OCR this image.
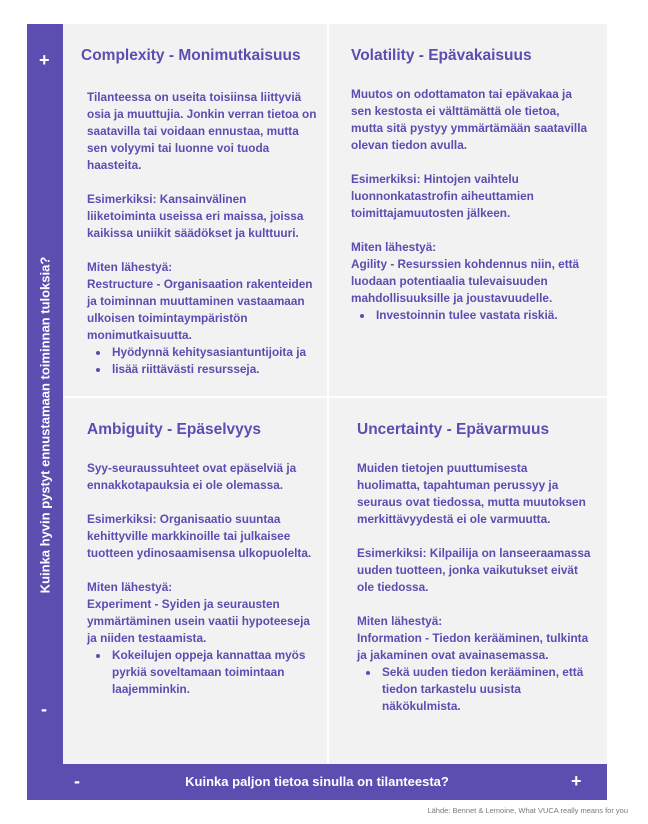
+
-
Kuinka hyvin pystyt ennustamaan toiminnan tuloksia?
-	Kuinka paljon tietoa sinulla on tilanteesta?	+
Complexity - Monimutkaisuus

Tilanteessa on useita toisiinsa liittyviä osia ja muuttujia. Jonkin verran tietoa on saatavilla tai voidaan ennustaa, mutta sen volyymi tai luonne voi tuoda haasteita.

Esimerkiksi: Kansainvälinen liiketoiminta useissa eri maissa, joissa kaikissa uniikit säädökset ja kulttuuri.

Miten lähestyä:
Restructure - Organisaation rakenteiden ja toiminnan muuttaminen vastaamaan ulkoisen toimintaympäristön monimutkaisuutta.

• Hyödynnä kehitysasiantuntijoita ja
• lisää riittävästi resursseja.
Volatility - Epävakaisuus

Muutos on odottamaton tai epävakaa ja sen kestosta ei välttämättä ole tietoa, mutta sitä pystyy ymmärtämään saatavilla olevan tiedon avulla.

Esimerkiksi: Hintojen vaihtelu luonnonkatastrofin aiheuttamien toimittajamuutosten jälkeen.

Miten lähestyä:
Agility - Resurssien kohdennus niin, että luodaan potentiaalia tulevaisuuden mahdollisuuksille ja joustavuudelle.

• Investoinnin tulee vastata riskiä.
Ambiguity - Epäselvyys

Syy-seuraussuhteet ovat epäselviä ja ennakkotapauksia ei ole olemassa.

Esimerkiksi: Organisaatio suuntaa kehittyville markkinoille tai julkaisee tuotteen ydinosaamisensa ulkopuolelta.

Miten lähestyä:
Experiment - Syiden ja seurausten ymmärtäminen usein vaatii hypoteeseja ja niiden testaamista.

• Kokeilujen oppeja kannattaa myös pyrkiä soveltamaan toimintaan laajemminkin.
Uncertainty - Epävarmuus

Muiden tietojen puuttumisesta huolimatta, tapahtuman perussyy ja seuraus ovat tiedossa, mutta muutoksen merkittävyydestä ei ole varmuutta.

Esimerkiksi: Kilpailija on lanseeraamassa uuden tuotteen, jonka vaikutukset eivät ole tiedossa.

Miten lähestyä:
Information - Tiedon kerääminen, tulkinta ja jakaminen ovat avainasemassa.

• Sekä uuden tiedon kerääminen, että tiedon tarkastelu uusista näkökulmista.
Lähde: Bennet & Lemoine, What VUCA really means for you
